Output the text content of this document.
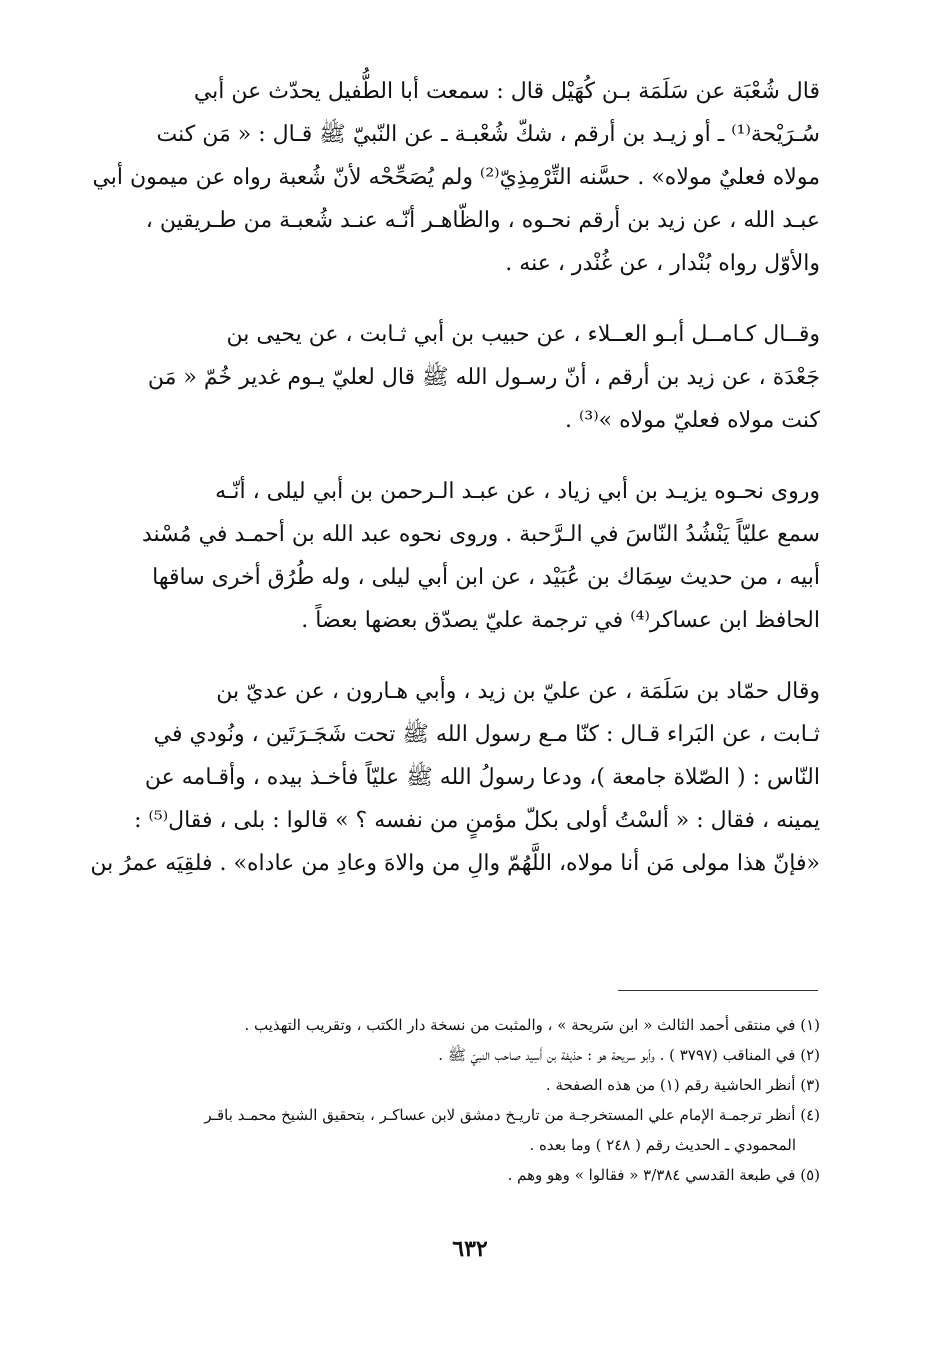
قال شُعْبَة عن سَلَمَة بـن كُهَيْل قال : سمعت أبا الطُّفيل يحدّث عن أبي
سُـرَيْحة⁽¹⁾ ـ أو زيـد بن أرقم ، شكّ شُعْبـة ـ عن النّبيّ ﷺ قـال : « مَن كنت
مولاه فعليٌ مولاه» . حسَّنه التِّرْمِذِيّ⁽²⁾ ولم يُصَحِّحْه لأنّ شُعبة رواه عن ميمون أبي
عبـد الله ، عن زيد بن أرقم نحـوه ، والظّاهـر أنّـه عنـد شُعبـة من طـريقين ،
والأوّل رواه بُنْدار ، عن غُنْدر ، عنه .
وقــال كـامــل أبـو العــلاء ، عن حبيب بن أبي ثـابت ، عن يحيى بن
جَعْدَة ، عن زيد بن أرقم ، أنّ رسـول الله ﷺ قال لعليّ يـوم غدير خُمّ « مَن
كنت مولاه فعليّ مولاه »⁽³⁾ .
وروى نحـوه يزيـد بن أبي زياد ، عن عبـد الـرحمن بن أبي ليلى ، أنّـه
سمع عليّاً يَنْشُدُ النّاسَ في الـرَّحبة . وروى نحوه عبد الله بن أحمـد في مُسْند
أبيه ، من حديث سِمَاك بن عُبَيْد ، عن ابن أبي ليلى ، وله طُرُق أخرى ساقها
الحافظ ابن عساكر⁽⁴⁾ في ترجمة عليّ يصدّق بعضها بعضاً .
وقال حمّاد بن سَلَمَة ، عن عليّ بن زيد ، وأبي هـارون ، عن عديّ بن
ثـابت ، عن البَراء قـال : كنّا مـع رسول الله ﷺ تحت شَجَـرَتَين ، ونُودي في
النّاس : ( الصّلاة جامعة )، ودعا رسولُ الله ﷺ عليّاً فأخـذ بيده ، وأقـامه عن
يمينه ، فقال : « ألسْتُ أولى بكلّ مؤمنٍ من نفسه ؟ » قالوا : بلى ، فقال⁽⁵⁾ :
«فإنّ هذا مولى مَن أنا مولاه، اللَّهُمّ والِ من والاهَ وعادِ من عاداه» . فلقِيَه عمرُ بن
(١) في منتقى أحمد الثالث « ابن سَريحة » ، والمثبت من نسخة دار الكتب ، وتقريب التهذيب .
(٢) في المناقب (٣٧٩٧ ) . وأبو سريحة هو : حذيفة بن أَسِيد صاحب النبيّ ﷺ .
(٣) أنظر الحاشية رقم (١) من هذه الصفحة .
(٤) أنظر ترجمـة الإمام علي المستخرجـة من تاريـخ دمشق لابن عساكـر ، بتحقيق الشيخ محمـد باقـر
المحمودي ـ الحديث رقم ( ٢٤٨ ) وما بعده .
(٥) في طبعة القدسي ٣/٣٨٤ « فقالوا » وهو وهم .
٦٣٢
